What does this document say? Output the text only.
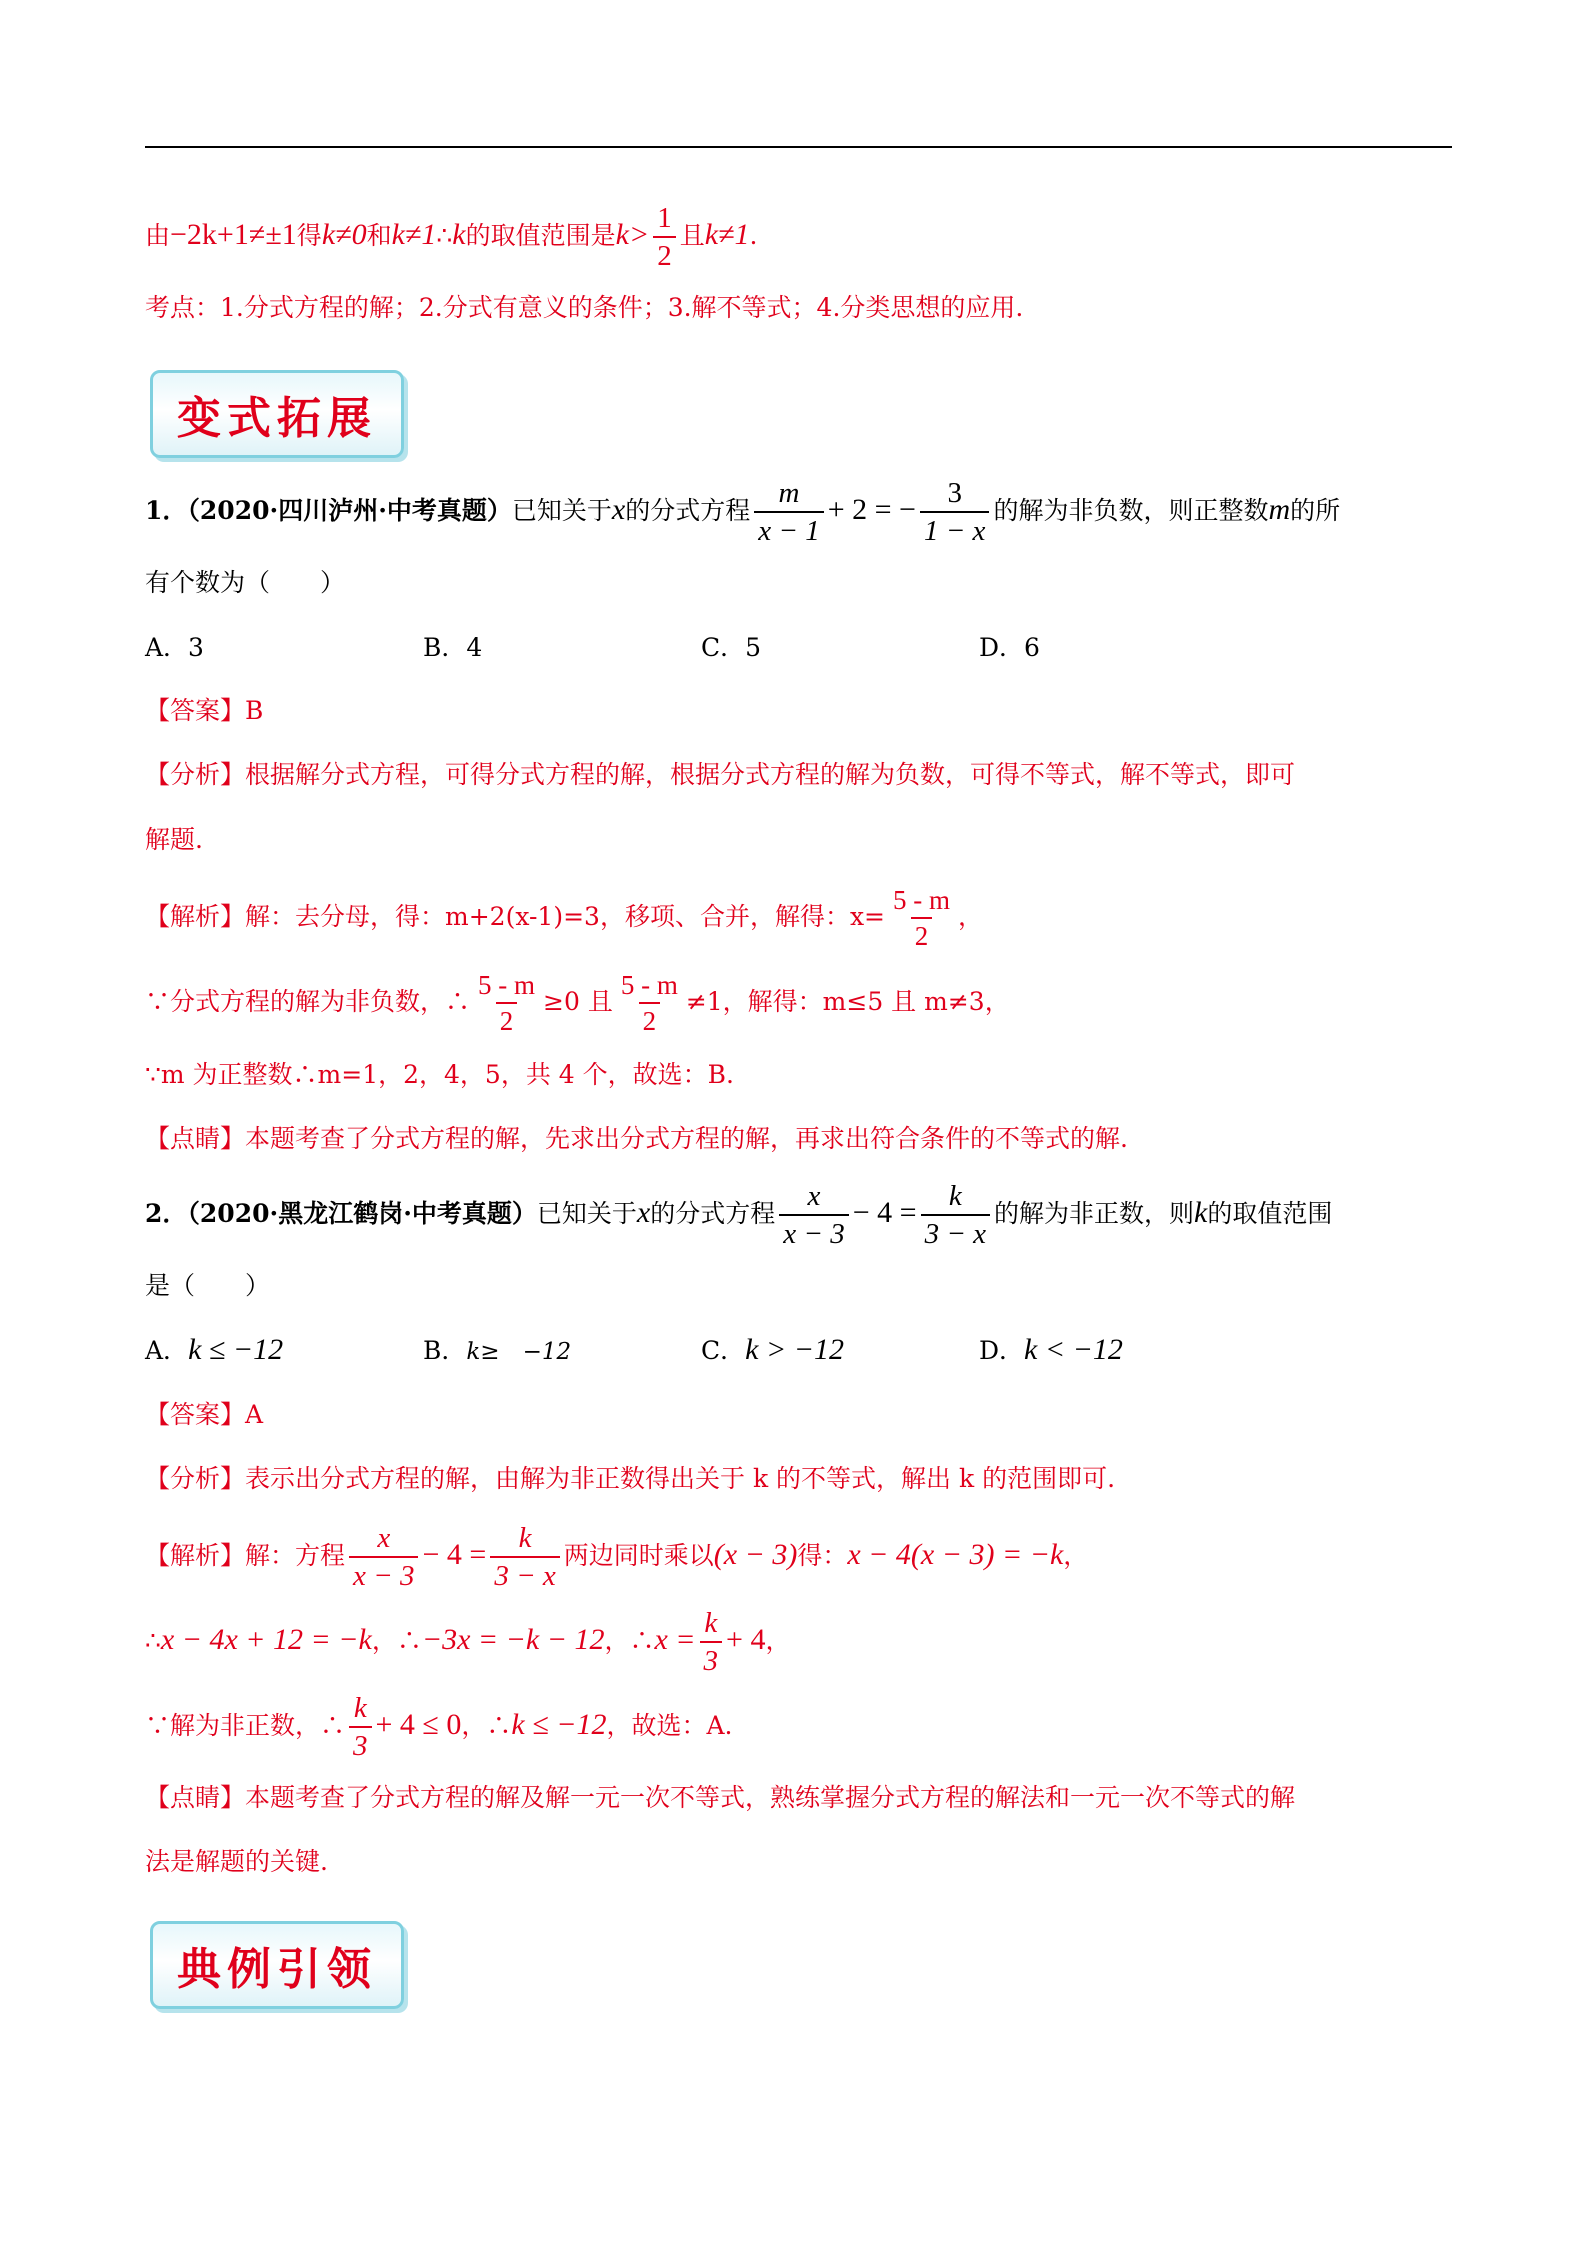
由−2k+1≠±1得k≠0和k≠1∴k的取值范围是$k> \frac{1}{2}$ 且k≠1.
考点：1.分式方程的解；2.分式有意义的条件；3.解不等式；4.分类思想的应用.
变式拓展
1．（2020·四川泸州·中考真题）已知关于x的分式方程 $\frac{m}{x - 1} + 2$ = − $\frac{3}{1 - x}$ 的解为非负数，则正整数m的所
有个数为（　　）
A．3	B．4	C．5	D．6
【答案】B
【分析】根据解分式方程，可得分式方程的解，根据分式方程的解为负数，可得不等式，解不等式，即可
解题.
【解析】解：去分母，得：m+2(x-1)=3，移项、合并，解得：$x= \frac{5 - m}{2}$ ，
∵分式方程的解为非负数，∴ $\frac{5 - m}{2} \ge 0$ 且 $\frac{5 - m}{2} \ne 1$，解得：m≤5 且 m≠3，
∵m 为正整数∴m=1，2，4，5，共 4 个，故选：B.
【点睛】本题考查了分式方程的解，先求出分式方程的解，再求出符合条件的不等式的解.
2．（2020·黑龙江鹤岗·中考真题）已知关于x的分式方程 $\frac{x}{x - 3} - 4 = \frac{k}{3 - x}$ 的解为非正数，则k的取值范围
是（　　）
A．k ≤ −12	B．k≥　−12	C．k > −12	D．k < −12
【答案】A
【分析】表示出分式方程的解，由解为非正数得出关于 k 的不等式，解出 k 的范围即可.
【解析】解：方程 $\frac{x}{x - 3} - 4 = \frac{k}{3 - x}$ 两边同时乘以(x − 3)得：x − 4(x − 3) = −k，
∴x − 4x + 12 = −k，∴−3x = −k − 12，∴x = $\frac{k}{3} + 4$，
∵解为非正数，∴ $\frac{k}{3} + 4 \le 0$，∴k ≤ −12，故选：A.
【点睛】本题考查了分式方程的解及解一元一次不等式，熟练掌握分式方程的解法和一元一次不等式的解
法是解题的关键.
典例引领
